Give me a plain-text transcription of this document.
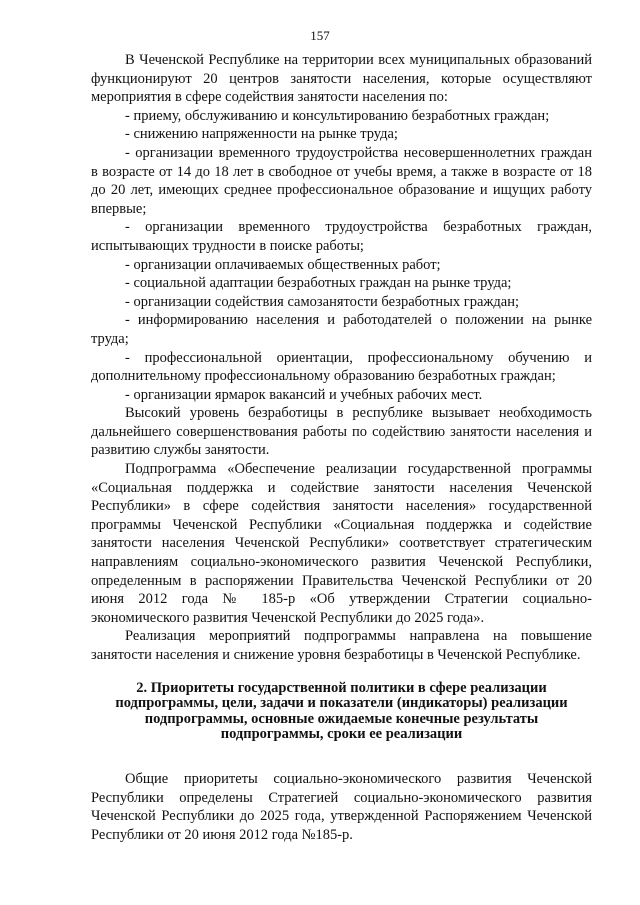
157

В Чеченской Республике на территории всех муниципальных образований функционируют 20 центров занятости населения, которые осуществляют мероприятия в сфере содействия занятости населения по:

- приему, обслуживанию и консультированию безработных граждан;

- снижению напряженности на рынке труда;

- организации временного трудоустройства несовершеннолетних граждан в возрасте от 14 до 18 лет в свободное от учебы время, а также в возрасте от 18 до 20 лет, имеющих среднее профессиональное образование и ищущих работу впервые;

- организации временного трудоустройства безработных граждан, испытывающих трудности в поиске работы;

- организации оплачиваемых общественных работ;

- социальной адаптации безработных граждан на рынке труда;

- организации содействия самозанятости безработных граждан;

- информированию населения и работодателей о положении на рынке труда;

- профессиональной ориентации, профессиональному обучению и дополнительному профессиональному образованию безработных граждан;

- организации ярмарок вакансий и учебных рабочих мест.

Высокий уровень безработицы в республике вызывает необходимость дальнейшего совершенствования работы по содействию занятости населения и развитию службы занятости.

Подпрограмма «Обеспечение реализации государственной программы «Социальная поддержка и содействие занятости населения Чеченской Республики» в сфере содействия занятости населения» государственной программы Чеченской Республики «Социальная поддержка и содействие занятости населения Чеченской Республики» соответствует стратегическим направлениям социально-экономического развития Чеченской Республики, определенным в распоряжении Правительства Чеченской Республики от 20 июня 2012 года № 185-р «Об утверждении Стратегии социально-экономического развития Чеченской Республики до 2025 года».

Реализация мероприятий подпрограммы направлена на повышение занятости населения и снижение уровня безработицы в Чеченской Республике.

2. Приоритеты государственной политики в сфере реализации
подпрограммы, цели, задачи и показатели (индикаторы) реализации
подпрограммы, основные ожидаемые конечные результаты
подпрограммы, сроки ее реализации

Общие приоритеты социально-экономического развития Чеченской Республики определены Стратегией социально-экономического развития Чеченской Республики до 2025 года, утвержденной Распоряжением Чеченской Республики от 20 июня 2012 года №185-р.
